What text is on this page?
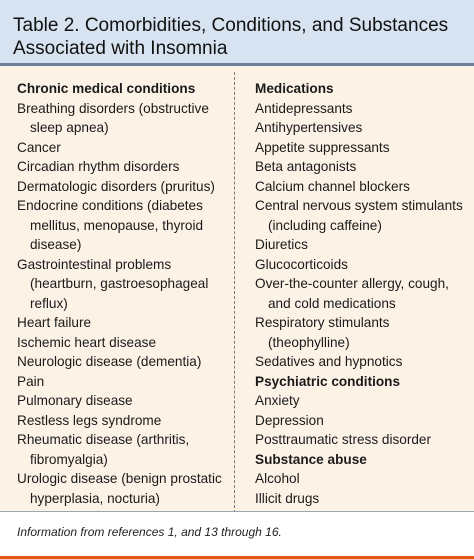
Table 2. Comorbidities, Conditions, and Substances Associated with Insomnia
Chronic medical conditions
Breathing disorders (obstructive sleep apnea)
Cancer
Circadian rhythm disorders
Dermatologic disorders (pruritus)
Endocrine conditions (diabetes mellitus, menopause, thyroid disease)
Gastrointestinal problems (heartburn, gastroesophageal reflux)
Heart failure
Ischemic heart disease
Neurologic disease (dementia)
Pain
Pulmonary disease
Restless legs syndrome
Rheumatic disease (arthritis, fibromyalgia)
Urologic disease (benign prostatic hyperplasia, nocturia)
Medications
Antidepressants
Antihypertensives
Appetite suppressants
Beta antagonists
Calcium channel blockers
Central nervous system stimulants (including caffeine)
Diuretics
Glucocorticoids
Over-the-counter allergy, cough, and cold medications
Respiratory stimulants (theophylline)
Sedatives and hypnotics
Psychiatric conditions
Anxiety
Depression
Posttraumatic stress disorder
Substance abuse
Alcohol
Illicit drugs
Information from references 1, and 13 through 16.
